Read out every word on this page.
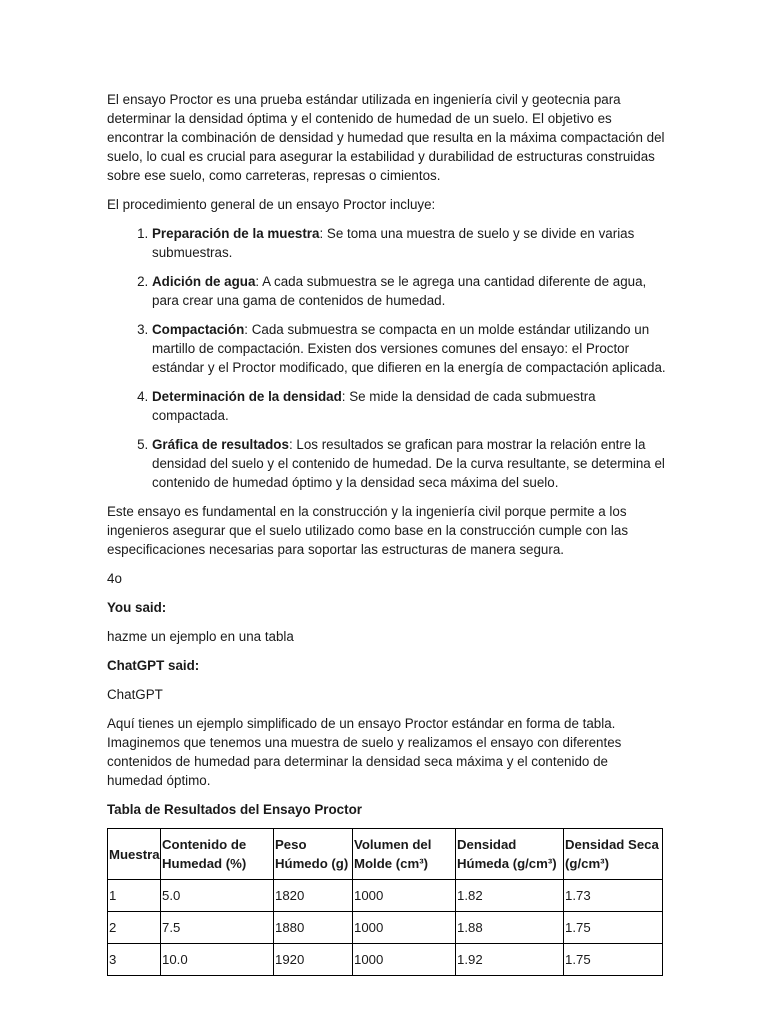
El ensayo Proctor es una prueba estándar utilizada en ingeniería civil y geotecnia para determinar la densidad óptima y el contenido de humedad de un suelo. El objetivo es encontrar la combinación de densidad y humedad que resulta en la máxima compactación del suelo, lo cual es crucial para asegurar la estabilidad y durabilidad de estructuras construidas sobre ese suelo, como carreteras, represas o cimientos.

El procedimiento general de un ensayo Proctor incluye:

1. Preparación de la muestra: Se toma una muestra de suelo y se divide en varias submuestras.
2. Adición de agua: A cada submuestra se le agrega una cantidad diferente de agua, para crear una gama de contenidos de humedad.
3. Compactación: Cada submuestra se compacta en un molde estándar utilizando un martillo de compactación. Existen dos versiones comunes del ensayo: el Proctor estándar y el Proctor modificado, que difieren en la energía de compactación aplicada.
4. Determinación de la densidad: Se mide la densidad de cada submuestra compactada.
5. Gráfica de resultados: Los resultados se grafican para mostrar la relación entre la densidad del suelo y el contenido de humedad. De la curva resultante, se determina el contenido de humedad óptimo y la densidad seca máxima del suelo.

Este ensayo es fundamental en la construcción y la ingeniería civil porque permite a los ingenieros asegurar que el suelo utilizado como base en la construcción cumple con las especificaciones necesarias para soportar las estructuras de manera segura.

4o

You said:

hazme un ejemplo en una tabla

ChatGPT said:

ChatGPT

Aquí tienes un ejemplo simplificado de un ensayo Proctor estándar en forma de tabla. Imaginemos que tenemos una muestra de suelo y realizamos el ensayo con diferentes contenidos de humedad para determinar la densidad seca máxima y el contenido de humedad óptimo.

Tabla de Resultados del Ensayo Proctor

Muestra	Contenido de Humedad (%)	Peso Húmedo (g)	Volumen del Molde (cm³)	Densidad Húmeda (g/cm³)	Densidad Seca (g/cm³)
1	5.0	1820	1000	1.82	1.73
2	7.5	1880	1000	1.88	1.75
3	10.0	1920	1000	1.92	1.75
